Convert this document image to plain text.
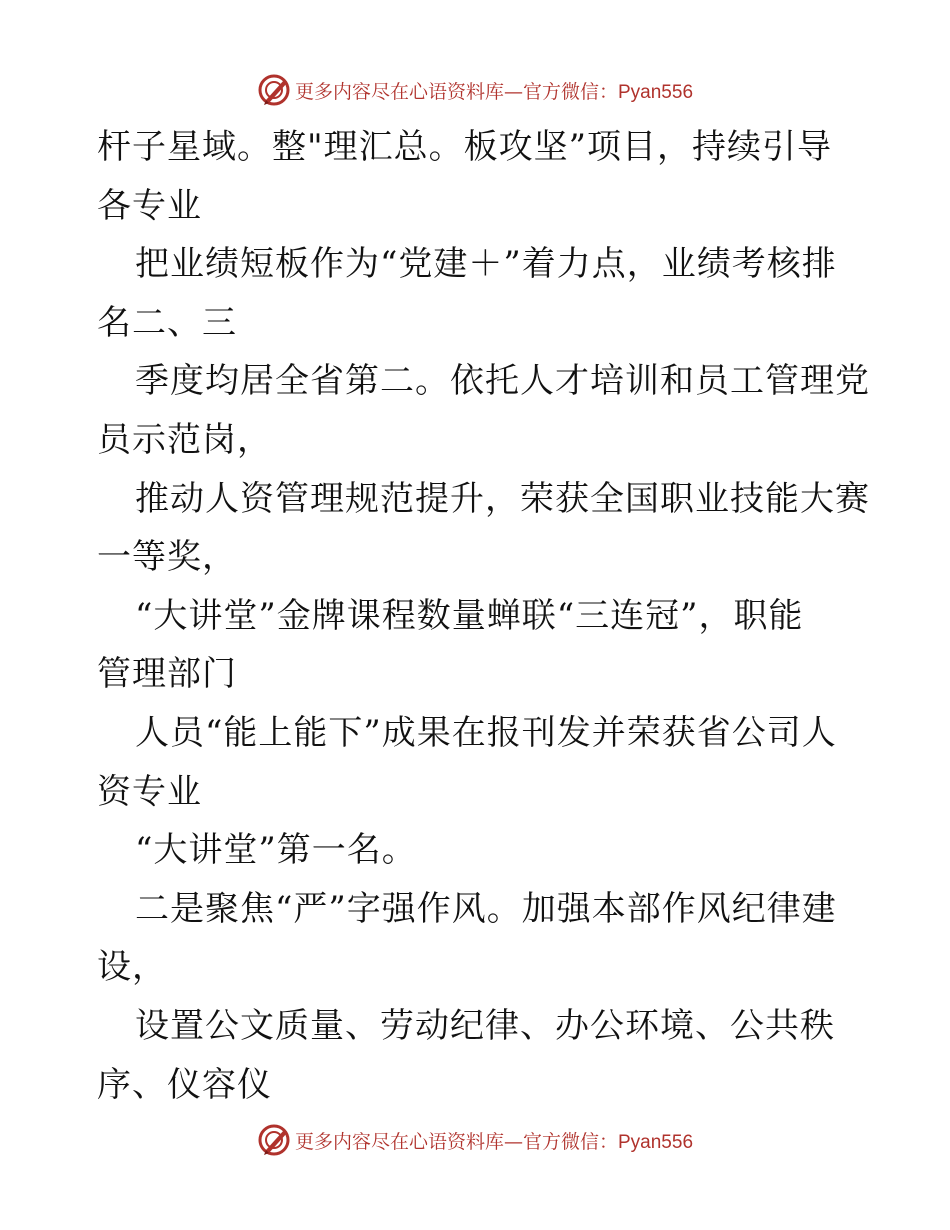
更多内容尽在心语资料库—官方微信：Pyan556
杆子星域。整"理汇总。板攻坚”项目，持续引导
各专业
把业绩短板作为“党建＋”着力点，业绩考核排
名二、三
季度均居全省第二。依托人才培训和员工管理党
员示范岗，
推动人资管理规范提升，荣获全国职业技能大赛
一等奖，
“大讲堂”金牌课程数量蝉联“三连冠”，职能
管理部门
人员“能上能下”成果在报刊发并荣获省公司人
资专业
“大讲堂”第一名。
二是聚焦“严”字强作风。加强本部作风纪律建
设，
设置公文质量、劳动纪律、办公环境、公共秩
序、仪容仪
更多内容尽在心语资料库—官方微信：Pyan556
